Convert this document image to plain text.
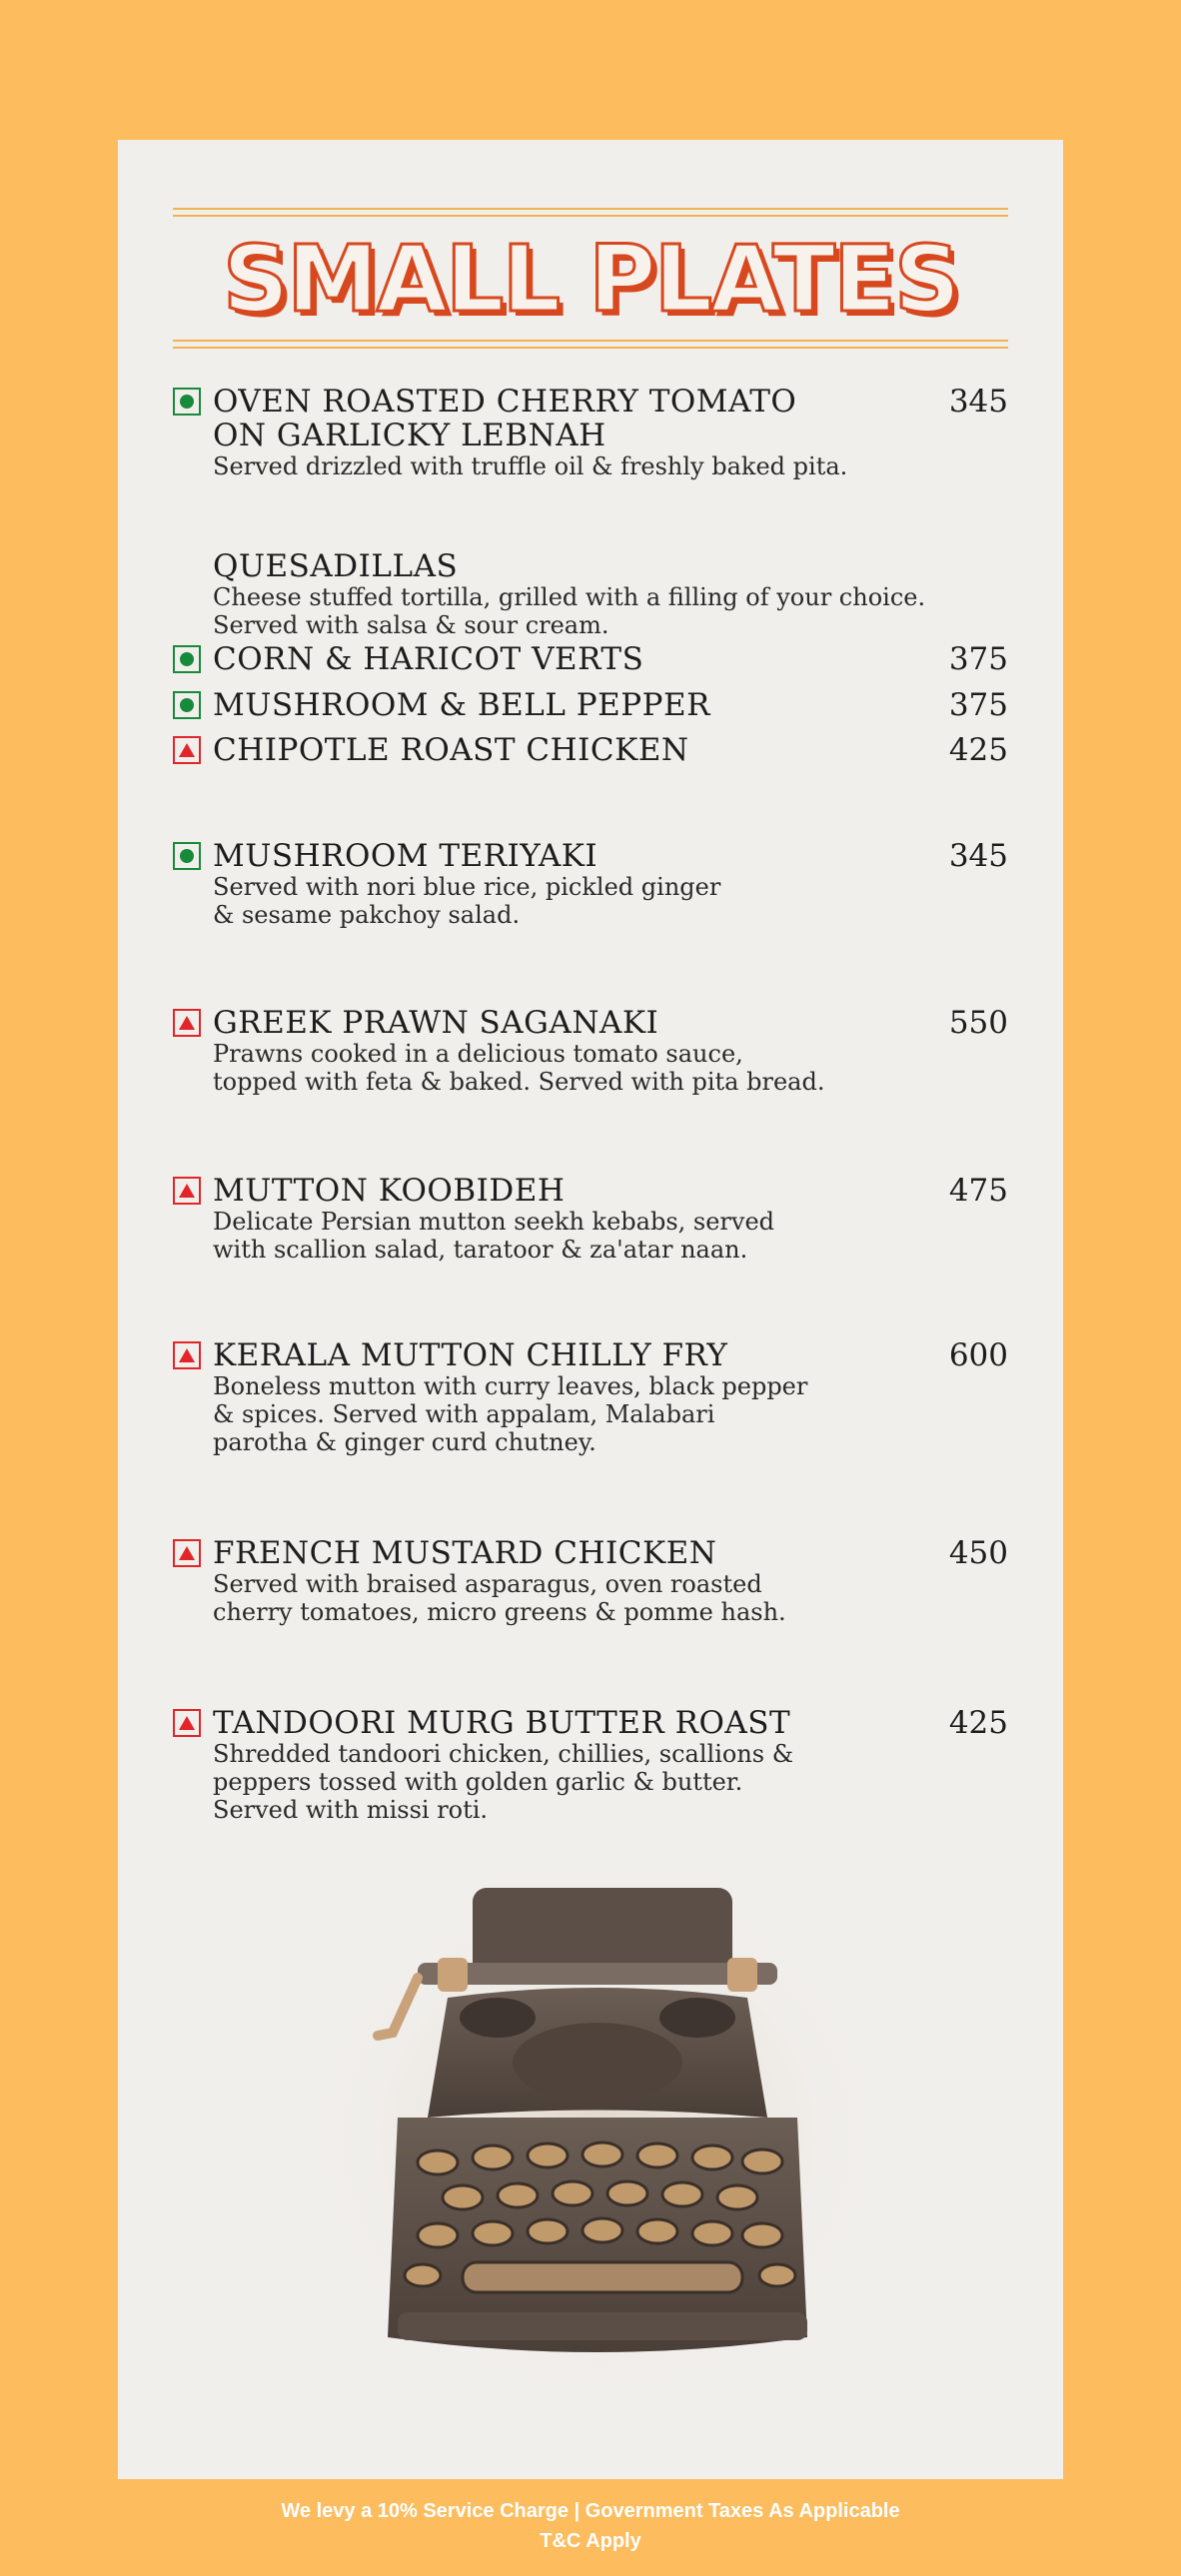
SMALL PLATES
OVEN ROASTED CHERRY TOMATO
ON GARLICKY LEBNAH
345
Served drizzled with truffle oil & freshly baked pita.
QUESADILLAS
Cheese stuffed tortilla, grilled with a filling of your choice.
Served with salsa & sour cream.
CORN & HARICOT VERTS	375
MUSHROOM & BELL PEPPER	375
CHIPOTLE ROAST CHICKEN	425
MUSHROOM TERIYAKI	345
Served with nori blue rice, pickled ginger
& sesame pakchoy salad.
GREEK PRAWN SAGANAKI	550
Prawns cooked in a delicious tomato sauce,
topped with feta & baked. Served with pita bread.
MUTTON KOOBIDEH	475
Delicate Persian mutton seekh kebabs, served
with scallion salad, taratoor & za'atar naan.
KERALA MUTTON CHILLY FRY	600
Boneless mutton with curry leaves, black pepper
& spices. Served with appalam, Malabari
parotha & ginger curd chutney.
FRENCH MUSTARD CHICKEN	450
Served with braised asparagus, oven roasted
cherry tomatoes, micro greens & pomme hash.
TANDOORI MURG BUTTER ROAST	425
Shredded tandoori chicken, chillies, scallions &
peppers tossed with golden garlic & butter.
Served with missi roti.
We levy a 10% Service Charge | Government Taxes As Applicable
T&C Apply
